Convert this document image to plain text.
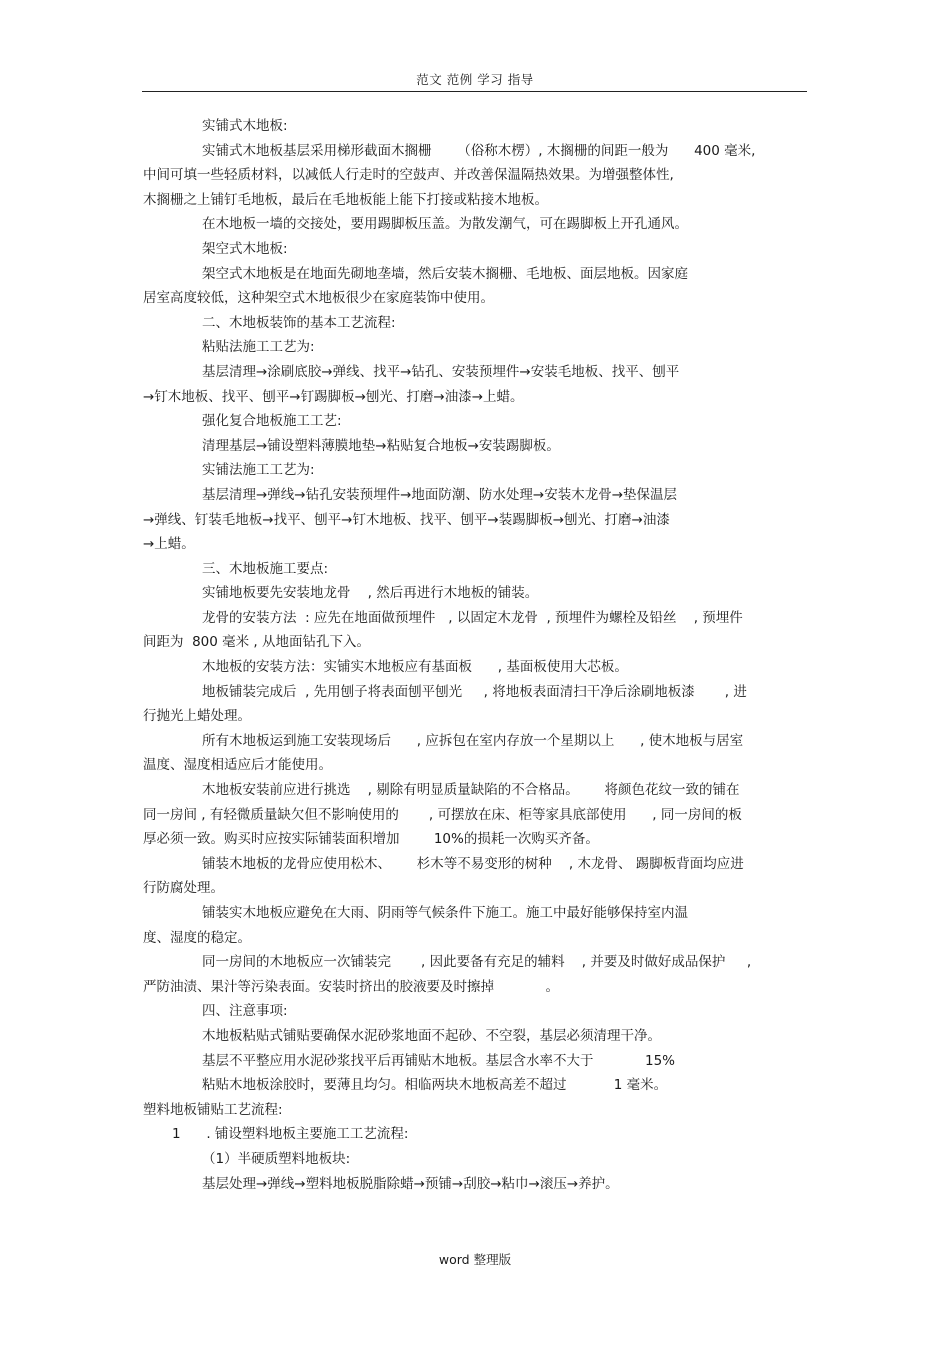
范文 范例 学习 指导
实铺式木地板:
实铺式木地板基层采用梯形截面木搁栅      （俗称木楞）, 木搁栅的间距一般为      400 毫米,
中间可填一些轻质材料，以减低人行走时的空鼓声、并改善保温隔热效果。为增强整体性,
木搁栅之上铺钉毛地板，最后在毛地板能上能下打接或粘接木地板。
在木地板一墙的交接处，要用踢脚板压盖。为散发潮气，可在踢脚板上开孔通风。
架空式木地板:
架空式木地板是在地面先砌地垄墙，然后安装木搁栅、毛地板、面层地板。因家庭
居室高度较低，这种架空式木地板很少在家庭装饰中使用。
二、木地板装饰的基本工艺流程:
粘贴法施工工艺为:
基层清理→涂刷底胶→弹线、找平→钻孔、安装预埋件→安装毛地板、找平、刨平
→钉木地板、找平、刨平→钉踢脚板→刨光、打磨→油漆→上蜡。
强化复合地板施工工艺:
清理基层→铺设塑料薄膜地垫→粘贴复合地板→安装踢脚板。
实铺法施工工艺为:
基层清理→弹线→钻孔安装预埋件→地面防潮、防水处理→安装木龙骨→垫保温层
→弹线、钉装毛地板→找平、刨平→钉木地板、找平、刨平→装踢脚板→刨光、打磨→油漆
→上蜡。
三、木地板施工要点:
实铺地板要先安装地龙骨    , 然后再进行木地板的铺装。
龙骨的安装方法  : 应先在地面做预埋件   , 以固定木龙骨  , 预埋件为螺栓及铅丝    , 预埋件
间距为  800 毫米 , 从地面钻孔下入。
木地板的安装方法：实铺实木地板应有基面板      , 基面板使用大芯板。
地板铺装完成后  , 先用刨子将表面刨平刨光     , 将地板表面清扫干净后涂刷地板漆       , 进
行抛光上蜡处理。
所有木地板运到施工安装现场后      , 应拆包在室内存放一个星期以上      , 使木地板与居室
温度、湿度相适应后才能使用。
木地板安装前应进行挑选    , 剔除有明显质量缺陷的不合格品。      将颜色花纹一致的铺在
同一房间 , 有轻微质量缺欠但不影响使用的       , 可摆放在床、柜等家具底部使用      , 同一房间的板
厚必须一致。购买时应按实际铺装面积增加        10%的损耗一次购买齐备。
铺装木地板的龙骨应使用松木、      杉木等不易变形的树种    , 木龙骨、 踢脚板背面均应进
行防腐处理。
铺装实木地板应避免在大雨、阴雨等气候条件下施工。施工中最好能够保持室内温
度、湿度的稳定。
同一房间的木地板应一次铺装完       , 因此要备有充足的辅料    , 并要及时做好成品保护     ,
严防油渍、果汁等污染表面。安装时挤出的胶液要及时擦掉            。
四、注意事项:
木地板粘贴式铺贴要确保水泥砂浆地面不起砂、不空裂，基层必须清理干净。
基层不平整应用水泥砂浆找平后再铺贴木地板。基层含水率不大于            15%
粘贴木地板涂胶时，要薄且均匀。相临两块木地板高差不超过           1 毫米。
塑料地板铺贴工艺流程:
1      . 铺设塑料地板主要施工工艺流程:
（1）半硬质塑料地板块:
基层处理→弹线→塑料地板脱脂除蜡→预铺→刮胶→粘巾→滚压→养护。
word 整理版
